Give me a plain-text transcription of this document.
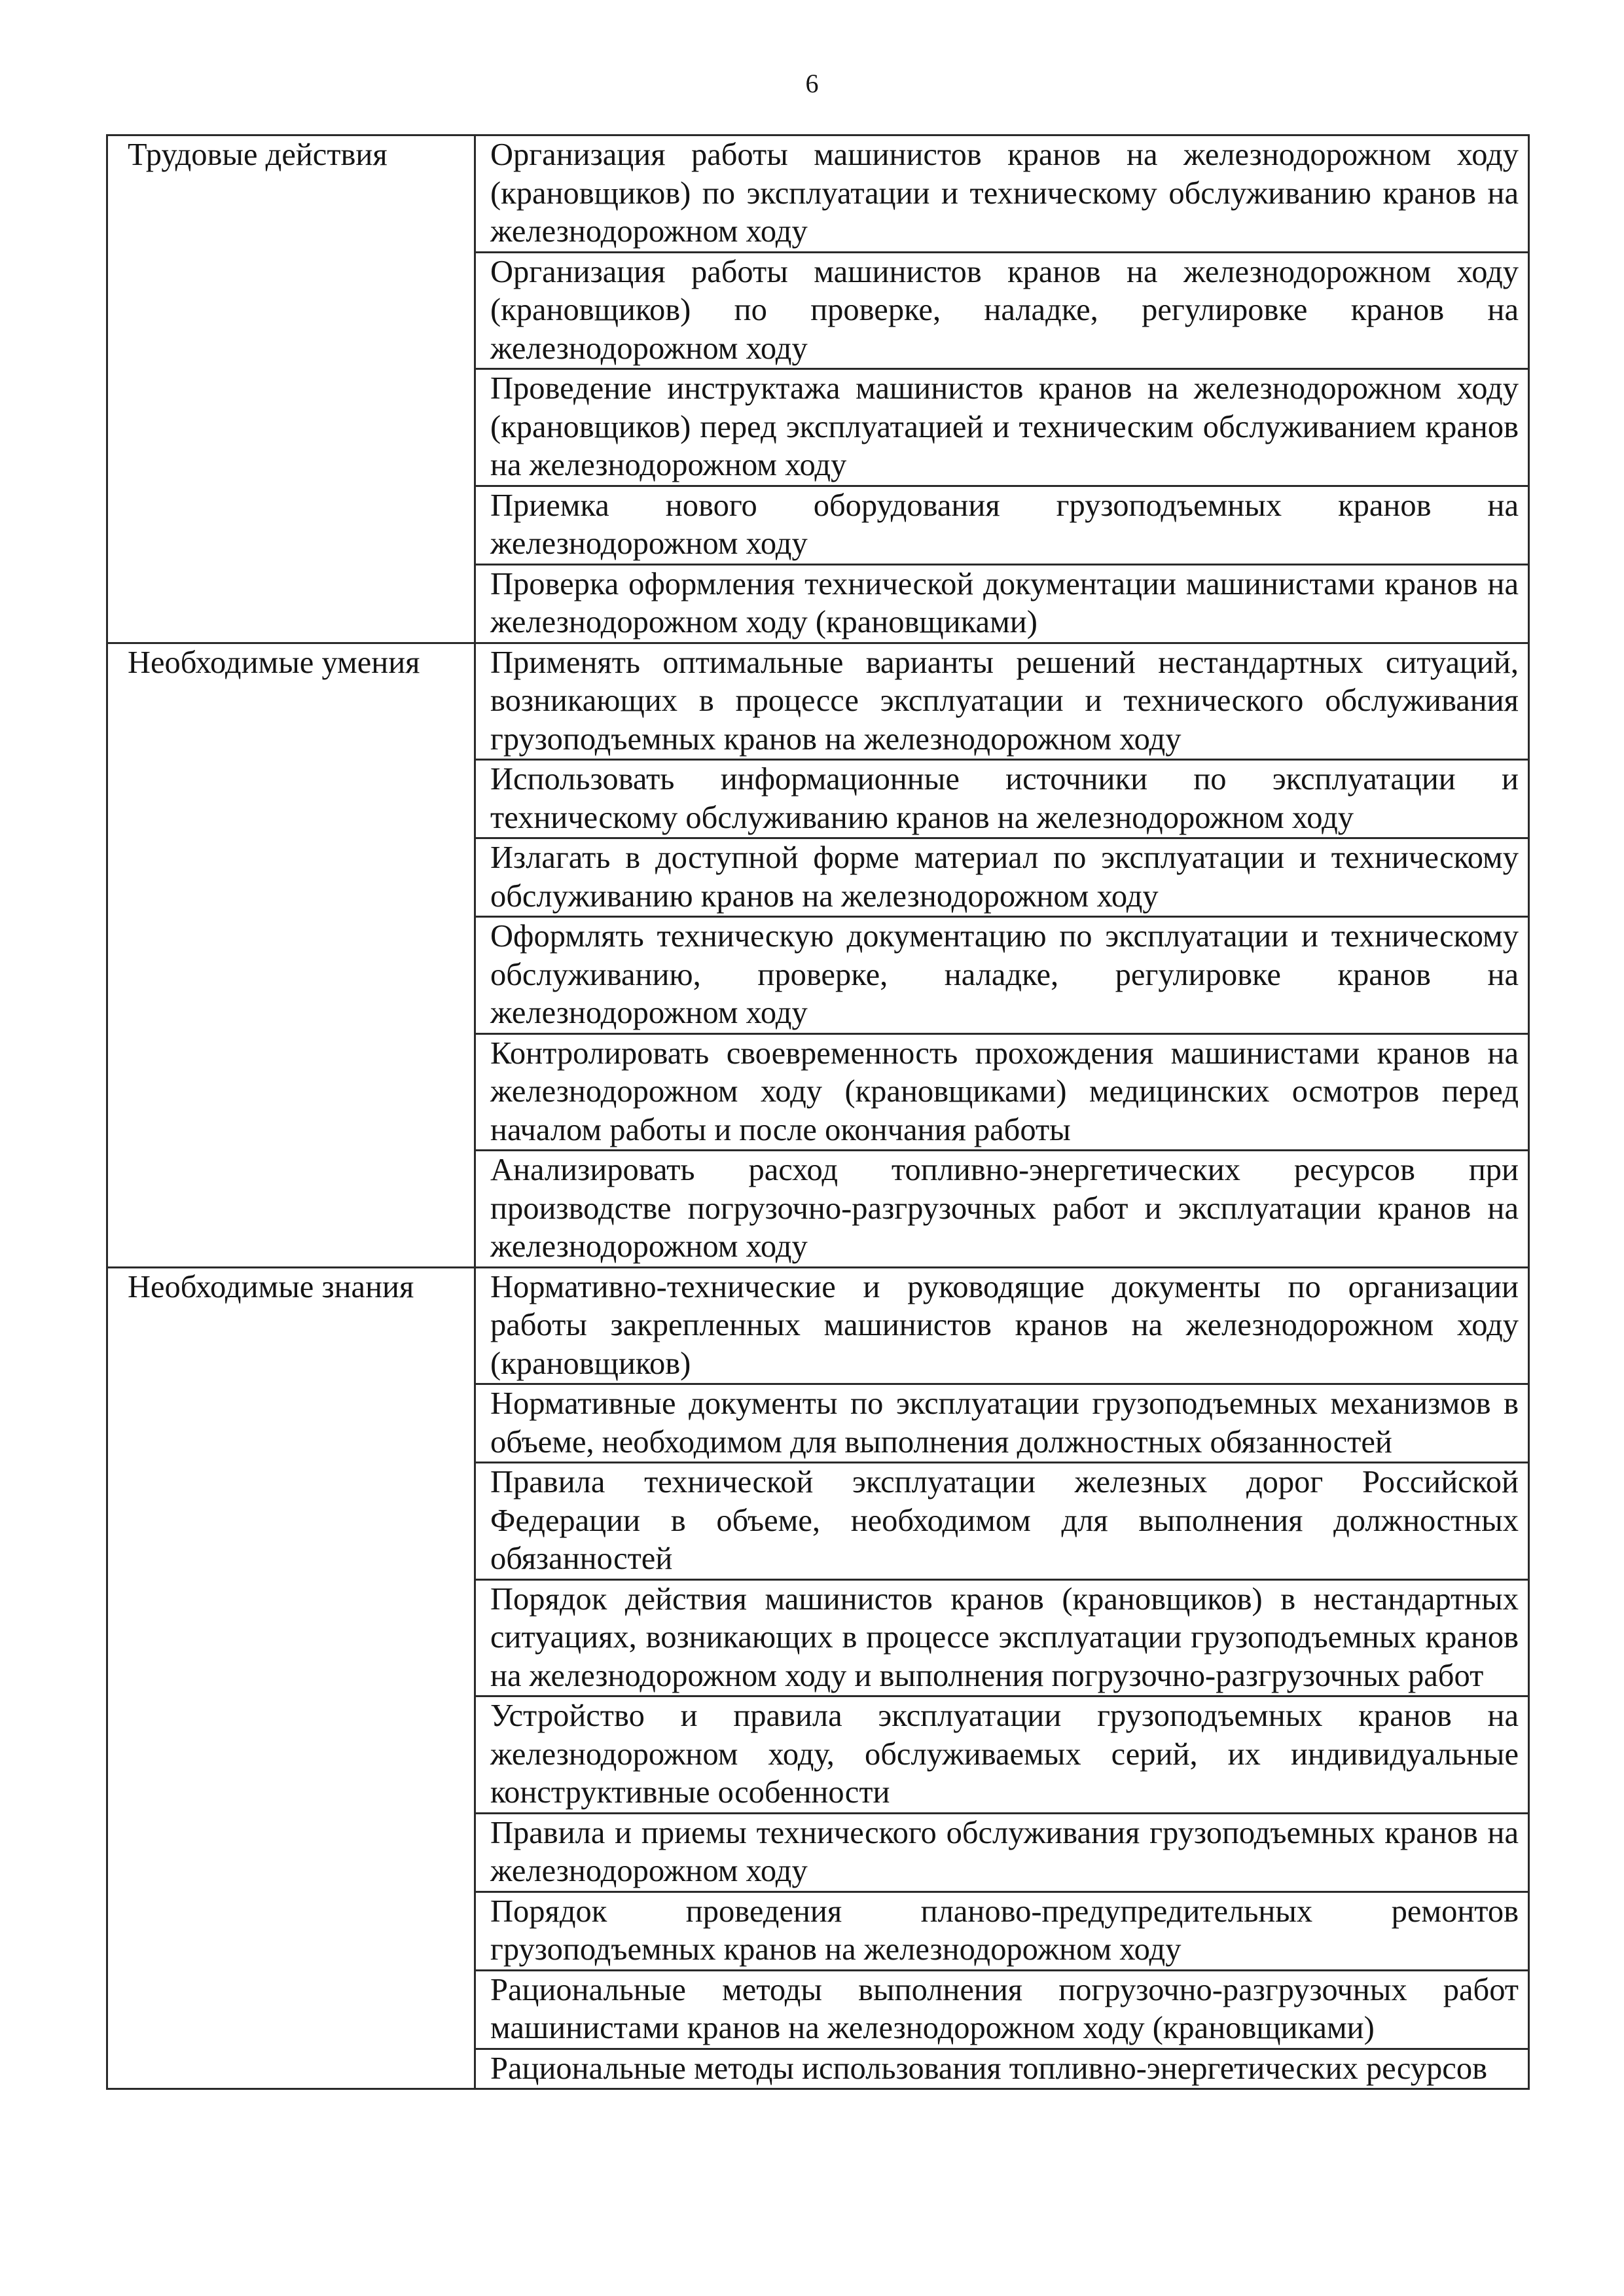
6
Трудовые действия	Организация работы машинистов кранов на железнодорожном ходу (крановщиков) по эксплуатации и техническому обслуживанию кранов на железнодорожном ходу
	Организация работы машинистов кранов на железнодорожном ходу (крановщиков) по проверке, наладке, регулировке кранов на железнодорожном ходу
	Проведение инструктажа машинистов кранов на железнодорожном ходу (крановщиков) перед эксплуатацией и техническим обслуживанием кранов на железнодорожном ходу
	Приемка нового оборудования грузоподъемных кранов на железнодорожном ходу
	Проверка оформления технической документации машинистами кранов на железнодорожном ходу (крановщиками)
Необходимые умения	Применять оптимальные варианты решений нестандартных ситуаций, возникающих в процессе эксплуатации и технического обслуживания грузоподъемных кранов на железнодорожном ходу
	Использовать информационные источники по эксплуатации и техническому обслуживанию кранов на железнодорожном ходу
	Излагать в доступной форме материал по эксплуатации и техническому обслуживанию кранов на железнодорожном ходу
	Оформлять техническую документацию по эксплуатации и техническому обслуживанию, проверке, наладке, регулировке кранов на железнодорожном ходу
	Контролировать своевременность прохождения машинистами кранов на железнодорожном ходу (крановщиками) медицинских осмотров перед началом работы и после окончания работы
	Анализировать расход топливно-энергетических ресурсов при производстве погрузочно-разгрузочных работ и эксплуатации кранов на железнодорожном ходу
Необходимые знания	Нормативно-технические и руководящие документы по организации работы закрепленных машинистов кранов на железнодорожном ходу (крановщиков)
	Нормативные документы по эксплуатации грузоподъемных механизмов в объеме, необходимом для выполнения должностных обязанностей
	Правила технической эксплуатации железных дорог Российской Федерации в объеме, необходимом для выполнения должностных обязанностей
	Порядок действия машинистов кранов (крановщиков) в нестандартных ситуациях, возникающих в процессе эксплуатации грузоподъемных кранов на железнодорожном ходу и выполнения погрузочно-разгрузочных работ
	Устройство и правила эксплуатации грузоподъемных кранов на железнодорожном ходу, обслуживаемых серий, их индивидуальные конструктивные особенности
	Правила и приемы технического обслуживания грузоподъемных кранов на железнодорожном ходу
	Порядок проведения планово-предупредительных ремонтов грузоподъемных кранов на железнодорожном ходу
	Рациональные методы выполнения погрузочно-разгрузочных работ машинистами кранов на железнодорожном ходу (крановщиками)
	Рациональные методы использования топливно-энергетических ресурсов
